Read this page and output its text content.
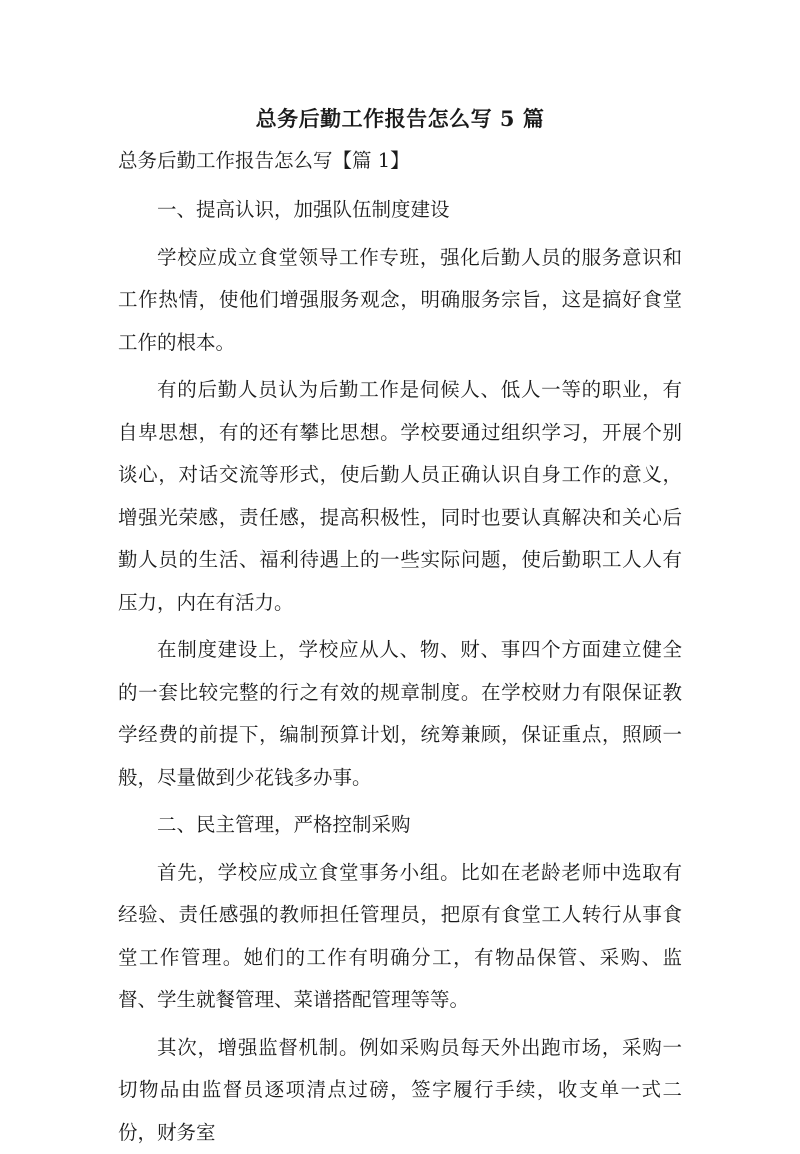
总务后勤工作报告怎么写 5 篇
总务后勤工作报告怎么写【篇 1】
一、提高认识，加强队伍制度建设
学校应成立食堂领导工作专班，强化后勤人员的服务意识和工作热情，使他们增强服务观念，明确服务宗旨，这是搞好食堂工作的根本。
有的后勤人员认为后勤工作是伺候人、低人一等的职业，有自卑思想，有的还有攀比思想。学校要通过组织学习，开展个别谈心，对话交流等形式，使后勤人员正确认识自身工作的意义，增强光荣感，责任感，提高积极性，同时也要认真解决和关心后勤人员的生活、福利待遇上的一些实际问题，使后勤职工人人有压力，内在有活力。
在制度建设上，学校应从人、物、财、事四个方面建立健全的一套比较完整的行之有效的规章制度。在学校财力有限保证教学经费的前提下，编制预算计划，统筹兼顾，保证重点，照顾一般，尽量做到少花钱多办事。
二、民主管理，严格控制采购
首先，学校应成立食堂事务小组。比如在老龄老师中选取有经验、责任感强的教师担任管理员，把原有食堂工人转行从事食堂工作管理。她们的工作有明确分工，有物品保管、采购、监督、学生就餐管理、菜谱搭配管理等等。
其次，增强监督机制。例如采购员每天外出跑市场，采购一切物品由监督员逐项清点过磅，签字履行手续，收支单一式二份，财务室
